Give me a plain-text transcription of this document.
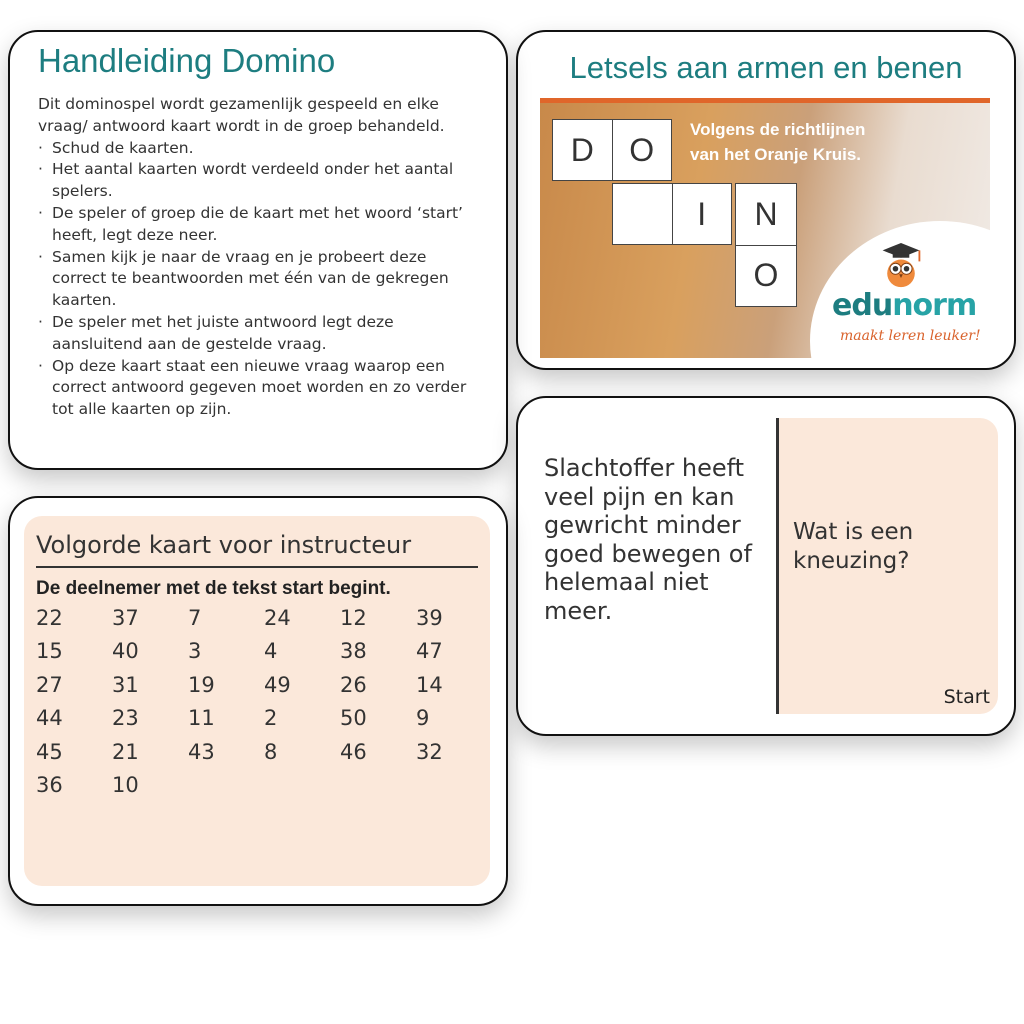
Letsels aan armen en benen
D	O
I	N
O
Volgens de richtlijnen
van het Oranje Kruis.
edunorm
maakt leren leuker!
Handleiding Domino
Dit dominospel wordt gezamenlijk gespeeld en elke vraag/ antwoord kaart wordt in de groep behandeld.
· Schud de kaarten.
· Het aantal kaarten wordt verdeeld onder het aantal spelers.
· De speler of groep die de kaart met het woord ‘start’ heeft, legt deze neer.
· Samen kijk je naar de vraag en je probeert deze correct te beantwoorden met één van de gekregen kaarten.
· De speler met het juiste antwoord legt deze aansluitend aan de gestelde vraag.
· Op deze kaart staat een nieuwe vraag waarop een correct antwoord gegeven moet worden en zo verder tot alle kaarten op zijn.
Slachtoffer heeft veel pijn en kan gewricht minder goed bewegen of helemaal niet meer.
Wat is een kneuzing?
Start
Volgorde kaart voor instructeur
De deelnemer met de tekst start begint.
22	37	7	24	12	39
15	40	3	4	38	47
27	31	19	49	26	14
44	23	11	2	50	9
45	21	43	8	46	32
36	10
